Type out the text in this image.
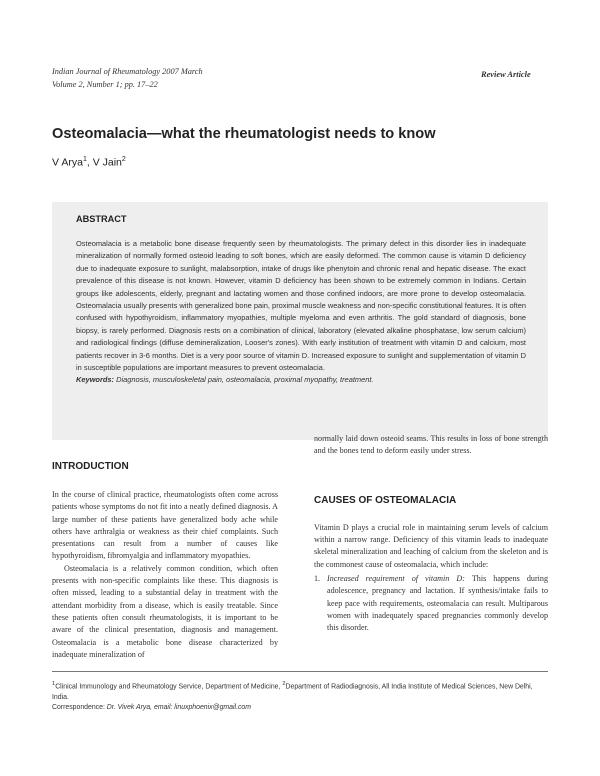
Indian Journal of Rheumatology 2007 March
Volume 2, Number 1; pp. 17–22
Review Article
Osteomalacia—what the rheumatologist needs to know
V Arya$^1$, V Jain$^2$
ABSTRACT

Osteomalacia is a metabolic bone disease frequently seen by rheumatologists. The primary defect in this disorder lies in inadequate mineralization of normally formed osteoid leading to soft bones, which are easily deformed. The common cause is vitamin D deficiency due to inadequate exposure to sunlight, malabsorption, intake of drugs like phenytoin and chronic renal and hepatic disease. The exact prevalence of this disease is not known. However, vitamin D deficiency has been shown to be extremely common in Indians. Certain groups like adolescents, elderly, pregnant and lactating women and those confined indoors, are more prone to develop osteomalacia. Osteomalacia usually presents with generalized bone pain, proximal muscle weakness and non-specific constitutional features. It is often confused with hypothyroidism, inflammatory myopathies, multiple myeloma and even arthritis. The gold standard of diagnosis, bone biopsy, is rarely performed. Diagnosis rests on a combination of clinical, laboratory (elevated alkaline phosphatase, low serum calcium) and radiological findings (diffuse demineralization, Looser's zones). With early institution of treatment with vitamin D and calcium, most patients recover in 3-6 months. Diet is a very poor source of vitamin D. Increased exposure to sunlight and supplementation of vitamin D in susceptible populations are important measures to prevent osteomalacia.

Keywords: Diagnosis, musculoskeletal pain, osteomalacia, proximal myopathy, treatment.

INTRODUCTION

In the course of clinical practice, rheumatologists often come across patients whose symptoms do not fit into a neatly defined diagnosis. A large number of these patients have generalized body ache while others have arthralgia or weakness as their chief complaints. Such presentations can result from a number of causes like hypothyroidism, fibromyalgia and inflammatory myopathies.

Osteomalacia is a relatively common condition, which often presents with non-specific complaints like these. This diagnosis is often missed, leading to a substantial delay in treatment with the attendant morbidity from a disease, which is easily treatable. Since these patients often consult rheumatologists, it is important to be aware of the clinical presentation, diagnosis and management. Osteomalacia is a metabolic bone disease characterized by inadequate mineralization of

normally laid down osteoid seams. This results in loss of bone strength and the bones tend to deform easily under stress.

CAUSES OF OSTEOMALACIA

Vitamin D plays a crucial role in maintaining serum levels of calcium within a narrow range. Deficiency of this vitamin leads to inadequate skeletal mineralization and leaching of calcium from the skeleton and is the commonest cause of osteomalacia, which include:

1. Increased requirement of vitamin D: This happens during adolescence, pregnancy and lactation. If synthesis/intake fails to keep pace with requirements, osteomalacia can result. Multiparous women with inadequately spaced pregnancies commonly develop this disorder.

$^1$Clinical Immunology and Rheumatology Service, Department of Medicine, $^2$Department of Radiodiagnosis, All India Institute of Medical Sciences, New Delhi, India.

Correspondence: Dr. Vivek Arya, email: linuxphoenix@gmail.com
